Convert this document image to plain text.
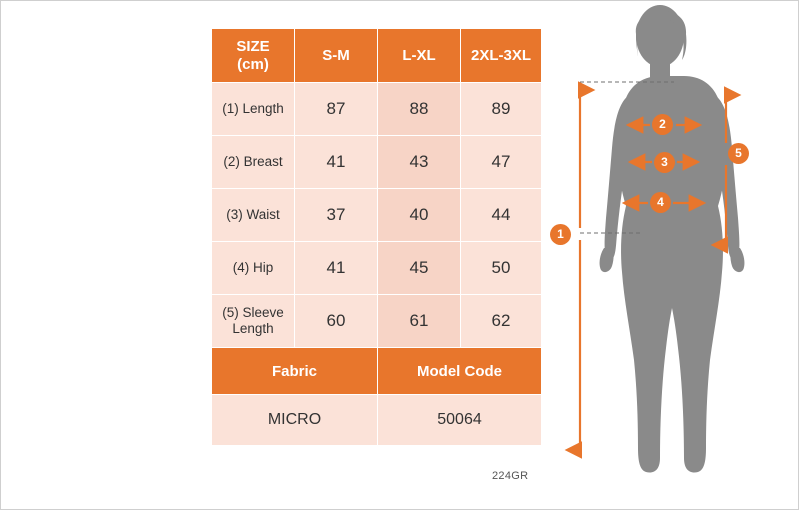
SIZE
(cm)	S-M	L-XL	2XL-3XL
(1) Length	87	88	89
(2) Breast	41	43	47
(3) Waist	37	40	44
(4) Hip	41	45	50
(5) Sleeve Length	60	61	62
Fabric		Model Code	
MICRO		50064	
224GR
1
2
3
4
5
